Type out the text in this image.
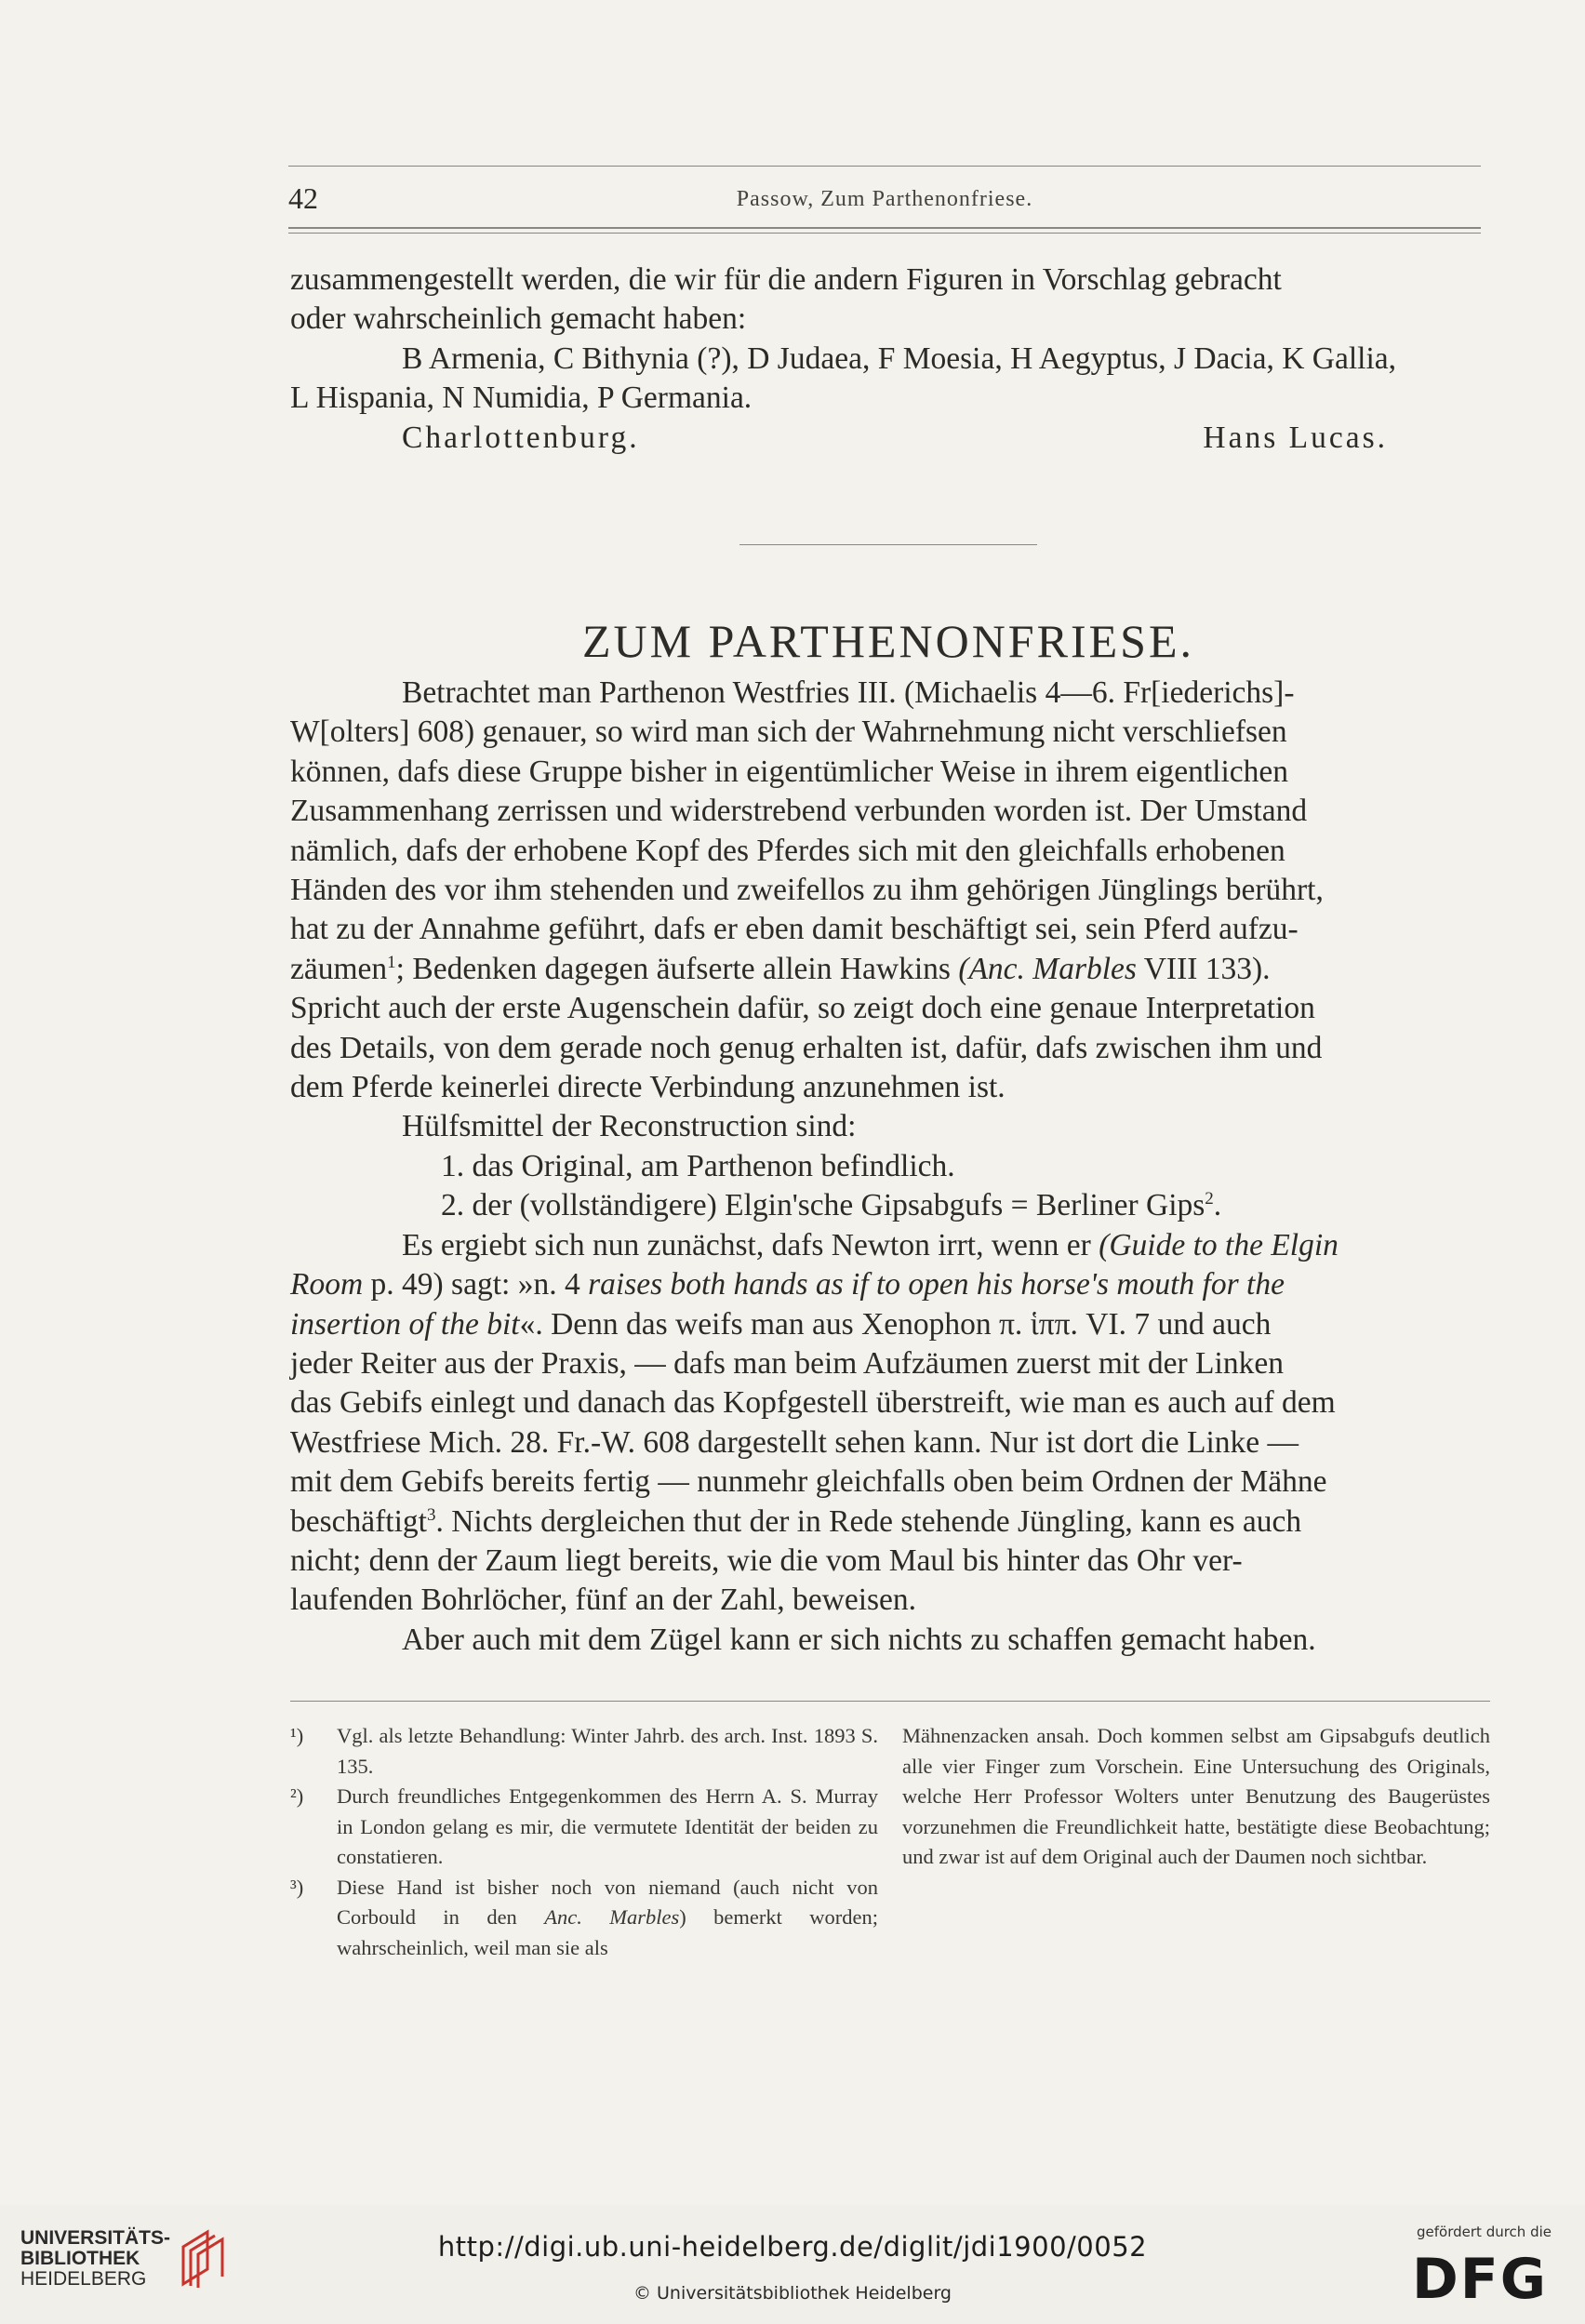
42	Passow, Zum Parthenonfriese.

zusammengestellt werden, die wir für die andern Figuren in Vorschlag gebracht

oder wahrscheinlich gemacht haben:

B Armenia, C Bithynia (?), D Judaea, F Moesia, H Aegyptus, J Dacia, K Gallia,

L Hispania, N Numidia, P Germania.

Charlottenburg.	Hans Lucas.
ZUM PARTHENONFRIESE.

Betrachtet man Parthenon Westfries III. (Michaelis 4—6. Fr[iederichs]-

W[olters] 608) genauer, so wird man sich der Wahrnehmung nicht verschliefsen

können, dafs diese Gruppe bisher in eigentümlicher Weise in ihrem eigentlichen

Zusammenhang zerrissen und widerstrebend verbunden worden ist. Der Umstand

nämlich, dafs der erhobene Kopf des Pferdes sich mit den gleichfalls erhobenen

Händen des vor ihm stehenden und zweifellos zu ihm gehörigen Jünglings berührt,

hat zu der Annahme geführt, dafs er eben damit beschäftigt sei, sein Pferd aufzu-

zäumen$^1$; Bedenken dagegen äufserte allein Hawkins (Anc. Marbles VIII 133).

Spricht auch der erste Augenschein dafür, so zeigt doch eine genaue Interpretation

des Details, von dem gerade noch genug erhalten ist, dafür, dafs zwischen ihm und

dem Pferde keinerlei directe Verbindung anzunehmen ist.

Hülfsmittel der Reconstruction sind:

1. das Original, am Parthenon befindlich.

2. der (vollständigere) Elgin'sche Gipsabgufs = Berliner Gips$^2$.

Es ergiebt sich nun zunächst, dafs Newton irrt, wenn er (Guide to the Elgin

Room p. 49) sagt: »n. 4 raises both hands as if to open his horse's mouth for the

insertion of the bit«. Denn das weifs man aus Xenophon π. ἱππ. VI. 7 und auch

jeder Reiter aus der Praxis, — dafs man beim Aufzäumen zuerst mit der Linken

das Gebifs einlegt und danach das Kopfgestell überstreift, wie man es auch auf dem

Westfriese Mich. 28. Fr.-W. 608 dargestellt sehen kann. Nur ist dort die Linke —

mit dem Gebifs bereits fertig — nunmehr gleichfalls oben beim Ordnen der Mähne

beschäftigt$^3$. Nichts dergleichen thut der in Rede stehende Jüngling, kann es auch

nicht; denn der Zaum liegt bereits, wie die vom Maul bis hinter das Ohr ver-

laufenden Bohrlöcher, fünf an der Zahl, beweisen.

Aber auch mit dem Zügel kann er sich nichts zu schaffen gemacht haben.

¹) Vgl. als letzte Behandlung: Winter Jahrb. des arch. Inst. 1893 S. 135.

²) Durch freundliches Entgegenkommen des Herrn A. S. Murray in London gelang es mir, die vermutete Identität der beiden zu constatieren.

³) Diese Hand ist bisher noch von niemand (auch nicht von Corbould in den Anc. Marbles) bemerkt worden; wahrscheinlich, weil man sie als

Mähnenzacken ansah. Doch kommen selbst am Gipsabgufs deutlich alle vier Finger zum Vorschein. Eine Untersuchung des Originals, welche Herr Professor Wolters unter Benutzung des Baugerüstes vorzunehmen die Freundlichkeit hatte, bestätigte diese Beobachtung; und zwar ist auf dem Original auch der Daumen noch sichtbar.

UNIVERSITÄTS-
BIBLIOTHEK
HEIDELBERG
http://digi.ub.uni-heidelberg.de/diglit/jdi1900/0052
© Universitätsbibliothek Heidelberg
gefördert durch die
DFG
